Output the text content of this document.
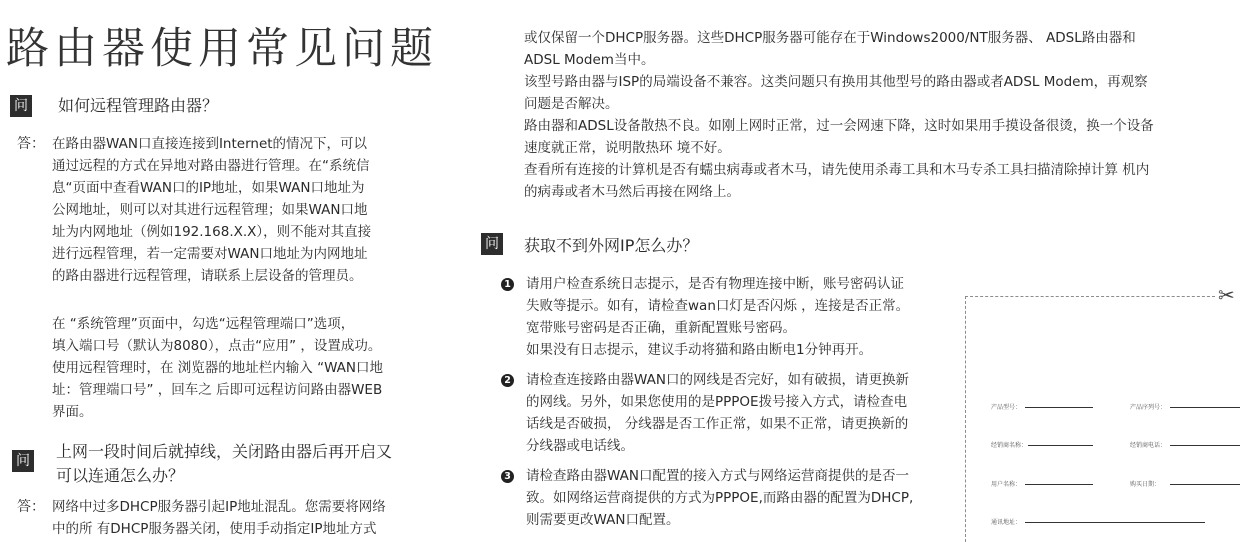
路由器使用常见问题
问 如何远程管理路由器？
答： 在路由器WAN口直接连接到Internet的情况下，可以
通过远程的方式在异地对路由器进行管理。在“系统信
息“页面中查看WAN口的IP地址，如果WAN口地址为
公网地址，则可以对其进行远程管理；如果WAN口地
址为内网地址（例如192.168.X.X），则不能对其直接
进行远程管理，若一定需要对WAN口地址为内网地址
的路由器进行远程管理，请联系上层设备的管理员。
在 “系统管理”页面中，勾选“远程管理端口”选项，
填入端口号（默认为8080），点击“应用” ，设置成功。
使用远程管理时，在 浏览器的地址栏内输入 “WAN口地
址：管理端口号” ，回车之 后即可远程访问路由器WEB
界面。
问 上网一段时间后就掉线，关闭路由器后再开启又
可以连通怎么办？
答： 网络中过多DHCP服务器引起IP地址混乱。您需要将网络
中的所 有DHCP服务器关闭，使用手动指定IP地址方式
或仅保留一个DHCP服务器。这些DHCP服务器可能存在于Windows2000/NT服务器、 ADSL路由器和
ADSL Modem当中。
该型号路由器与ISP的局端设备不兼容。这类问题只有换用其他型号的路由器或者ADSL Modem，再观察
问题是否解决。
路由器和ADSL设备散热不良。如刚上网时正常，过一会网速下降，这时如果用手摸设备很烫，换一个设备
速度就正常，说明散热环 境不好。
查看所有连接的计算机是否有蠕虫病毒或者木马，请先使用杀毒工具和木马专杀工具扫描清除掉计算 机内
的病毒或者木马然后再接在网络上。
问 获取不到外网IP怎么办？
1 请用户检查系统日志提示，是否有物理连接中断，账号密码认证
失败等提示。如有，请检查wan口灯是否闪烁 ，连接是否正常。
宽带账号密码是否正确，重新配置账号密码。
如果没有日志提示，建议手动将猫和路由断电1分钟再开。
2 请检查连接路由器WAN口的网线是否完好，如有破损，请更换新
的网线。另外，如果您使用的是PPPOE拨号接入方式，请检查电
话线是否破损， 分线器是否工作正常，如果不正常，请更换新的
分线器或电话线。
3 请检查路由器WAN口配置的接入方式与网络运营商提供的是否一
致。如网络运营商提供的方式为PPPOE,而路由器的配置为DHCP,
则需要更改WAN口配置。
✂
产品型号：	产品序列号：
经销商名称：	经销商电话：
用户名称：	购买日期：
通讯地址：
